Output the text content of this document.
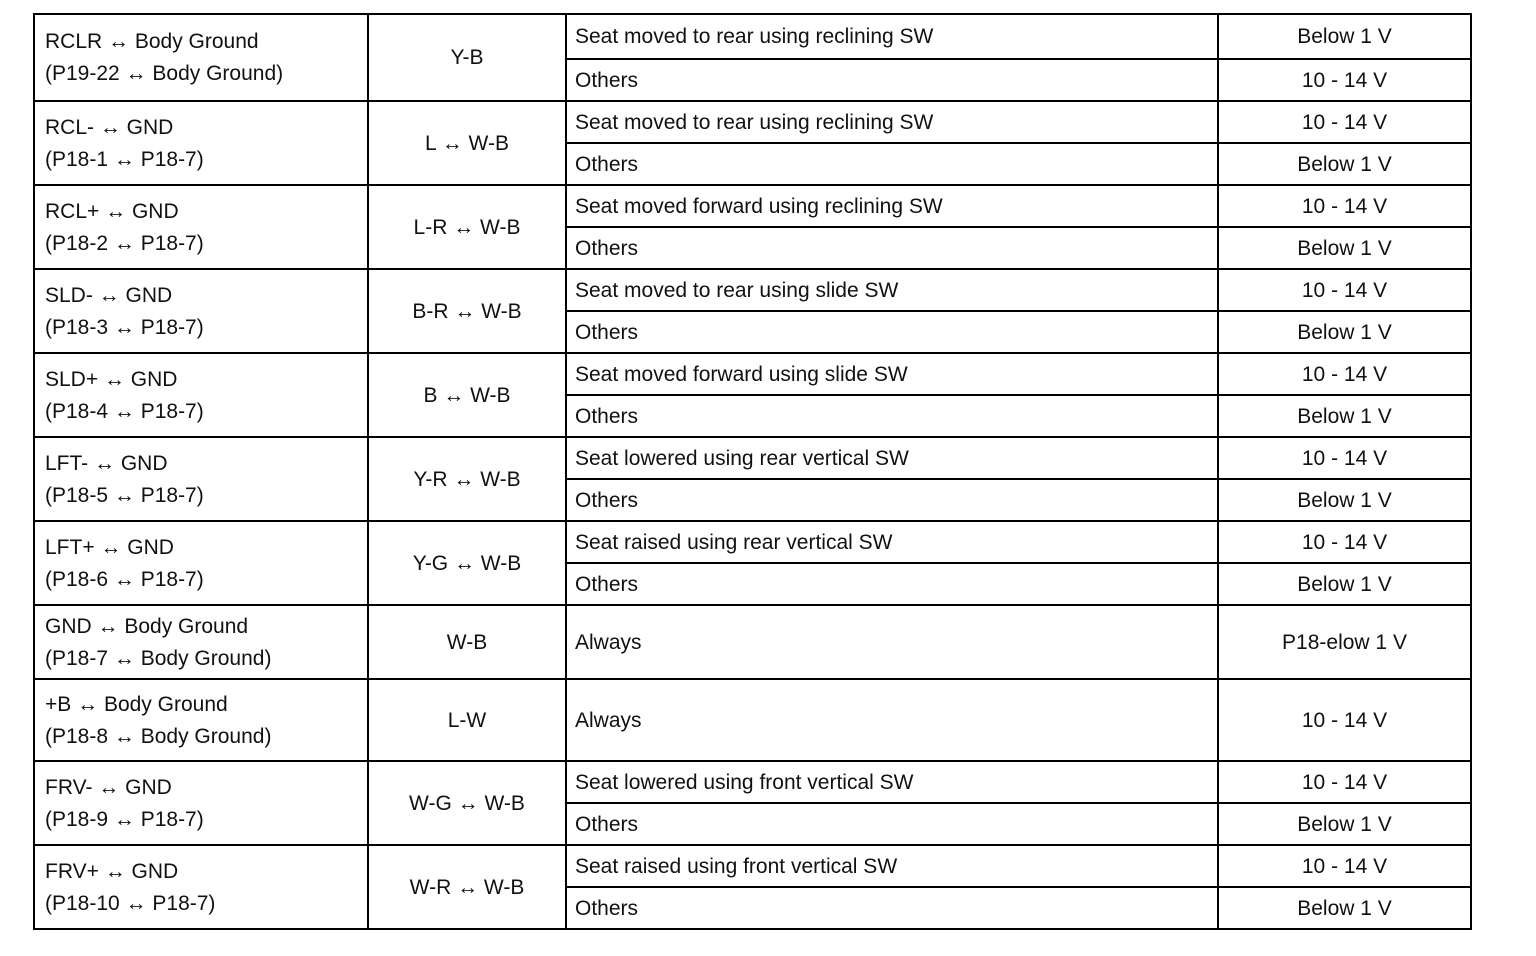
RCLR ↔ Body Ground
(P19-22 ↔ Body Ground)	Y-B	Seat moved to rear using reclining SW	Below 1 V
		Others	10 - 14 V

RCL- ↔ GND
(P18-1 ↔ P18-7)	L ↔ W-B	Seat moved to rear using reclining SW	10 - 14 V
		Others	Below 1 V

RCL+ ↔ GND
(P18-2 ↔ P18-7)	L-R ↔ W-B	Seat moved forward using reclining SW	10 - 14 V
		Others	Below 1 V

SLD- ↔ GND
(P18-3 ↔ P18-7)	B-R ↔ W-B	Seat moved to rear using slide SW	10 - 14 V
		Others	Below 1 V

SLD+ ↔ GND
(P18-4 ↔ P18-7)	B ↔ W-B	Seat moved forward using slide SW	10 - 14 V
		Others	Below 1 V

LFT- ↔ GND
(P18-5 ↔ P18-7)	Y-R ↔ W-B	Seat lowered using rear vertical SW	10 - 14 V
		Others	Below 1 V

LFT+ ↔ GND
(P18-6 ↔ P18-7)	Y-G ↔ W-B	Seat raised using rear vertical SW	10 - 14 V
		Others	Below 1 V

GND ↔ Body Ground
(P18-7 ↔ Body Ground)	W-B	Always	P18-elow 1 V

+B ↔ Body Ground
(P18-8 ↔ Body Ground)	L-W	Always	10 - 14 V

FRV- ↔ GND
(P18-9 ↔ P18-7)	W-G ↔ W-B	Seat lowered using front vertical SW	10 - 14 V
		Others	Below 1 V

FRV+ ↔ GND
(P18-10 ↔ P18-7)	W-R ↔ W-B	Seat raised using front vertical SW	10 - 14 V
		Others	Below 1 V
